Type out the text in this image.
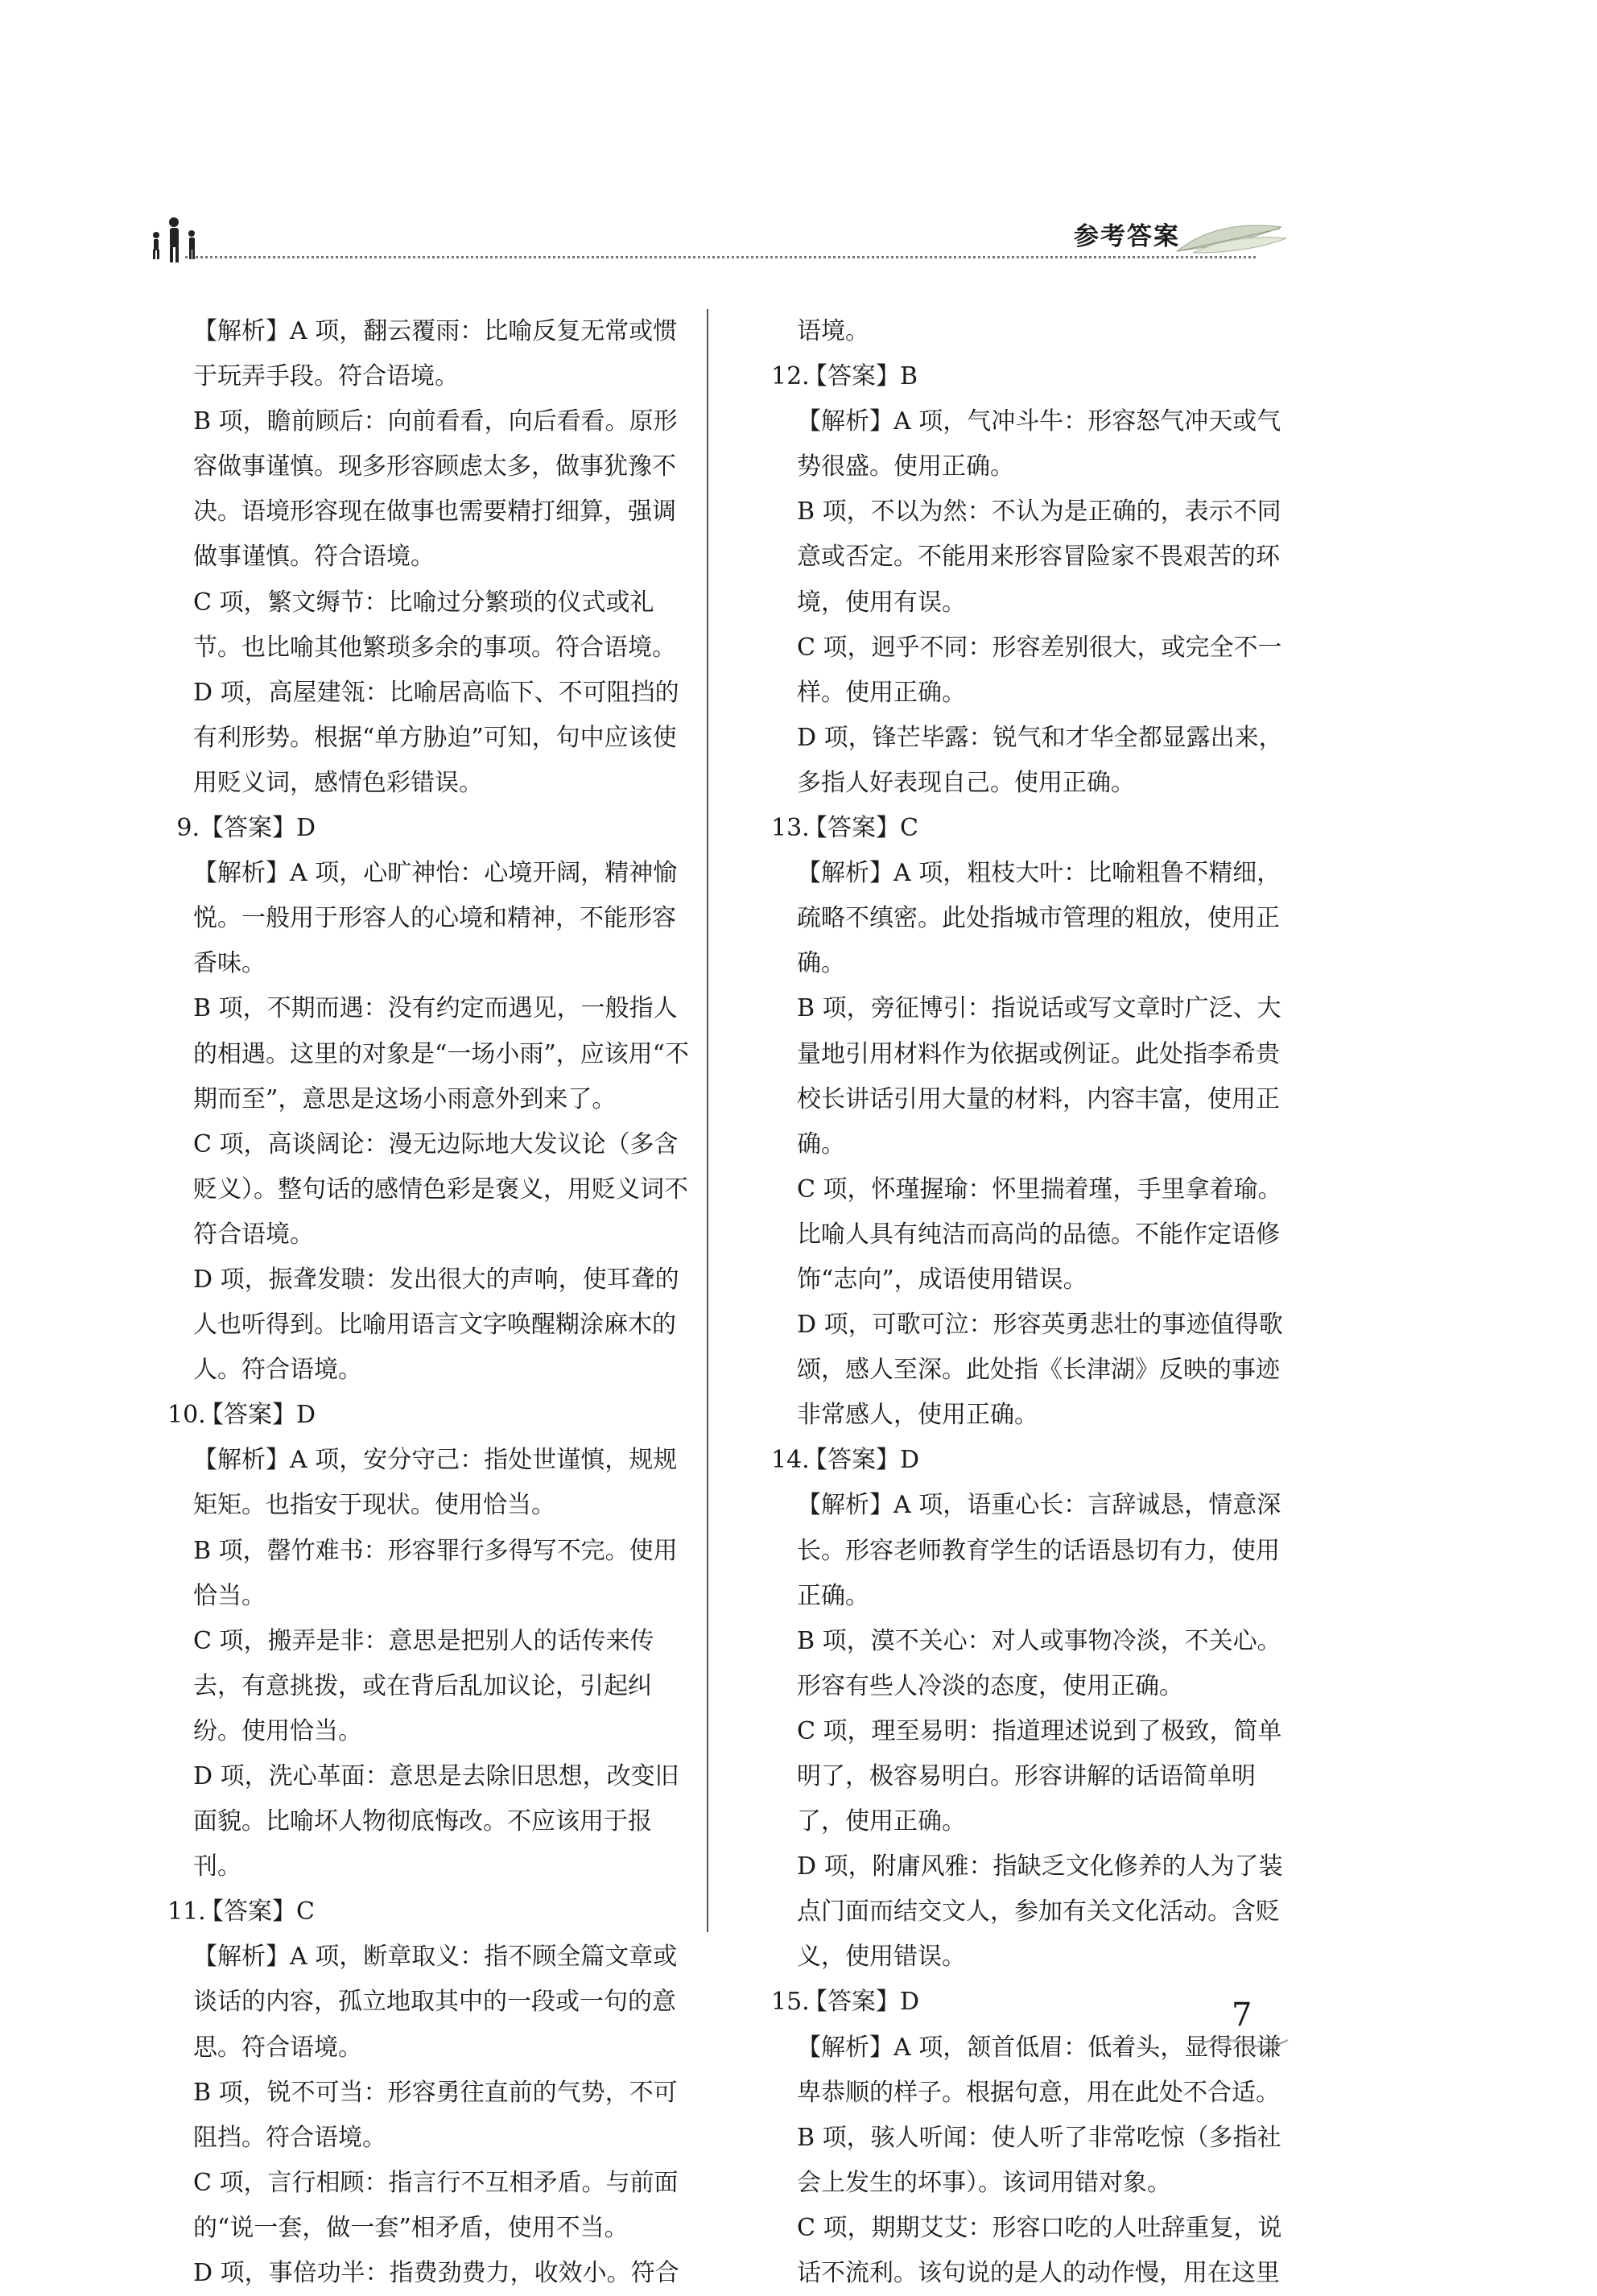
参考答案

【解析】A 项，翻云覆雨：比喻反复无常或惯于玩弄手段。符合语境。

B 项，瞻前顾后：向前看看，向后看看。原形容做事谨慎。现多形容顾虑太多，做事犹豫不决。语境形容现在做事也需要精打细算，强调做事谨慎。符合语境。

C 项，繁文缛节：比喻过分繁琐的仪式或礼节。也比喻其他繁琐多余的事项。符合语境。

D 项，高屋建瓴：比喻居高临下、不可阻挡的有利形势。根据“单方胁迫”可知，句中应该使用贬义词，感情色彩错误。

9.【答案】D

【解析】A 项，心旷神怡：心境开阔，精神愉悦。一般用于形容人的心境和精神，不能形容香味。

B 项，不期而遇：没有约定而遇见，一般指人的相遇。这里的对象是“一场小雨”，应该用“不期而至”，意思是这场小雨意外到来了。

C 项，高谈阔论：漫无边际地大发议论（多含贬义）。整句话的感情色彩是褒义，用贬义词不符合语境。

D 项，振聋发聩：发出很大的声响，使耳聋的人也听得到。比喻用语言文字唤醒糊涂麻木的人。符合语境。

10.【答案】D

【解析】A 项，安分守己：指处世谨慎，规规矩矩。也指安于现状。使用恰当。

B 项，罄竹难书：形容罪行多得写不完。使用恰当。

C 项，搬弄是非：意思是把别人的话传来传去，有意挑拨，或在背后乱加议论，引起纠纷。使用恰当。

D 项，洗心革面：意思是去除旧思想，改变旧面貌。比喻坏人物彻底悔改。不应该用于报刊。

11.【答案】C

【解析】A 项，断章取义：指不顾全篇文章或谈话的内容，孤立地取其中的一段或一句的意思。符合语境。

B 项，锐不可当：形容勇往直前的气势，不可阻挡。符合语境。

C 项，言行相顾：指言行不互相矛盾。与前面的“说一套，做一套”相矛盾，使用不当。

D 项，事倍功半：指费劲费力，收效小。符合

语境。

12.【答案】B

【解析】A 项，气冲斗牛：形容怒气冲天或气势很盛。使用正确。

B 项，不以为然：不认为是正确的，表示不同意或否定。不能用来形容冒险家不畏艰苦的环境，使用有误。

C 项，迥乎不同：形容差别很大，或完全不一样。使用正确。

D 项，锋芒毕露：锐气和才华全都显露出来，多指人好表现自己。使用正确。

13.【答案】C

【解析】A 项，粗枝大叶：比喻粗鲁不精细，疏略不缜密。此处指城市管理的粗放，使用正确。

B 项，旁征博引：指说话或写文章时广泛、大量地引用材料作为依据或例证。此处指李希贵校长讲话引用大量的材料，内容丰富，使用正确。

C 项，怀瑾握瑜：怀里揣着瑾，手里拿着瑜。比喻人具有纯洁而高尚的品德。不能作定语修饰“志向”，成语使用错误。

D 项，可歌可泣：形容英勇悲壮的事迹值得歌颂，感人至深。此处指《长津湖》反映的事迹非常感人，使用正确。

14.【答案】D

【解析】A 项，语重心长：言辞诚恳，情意深长。形容老师教育学生的话语恳切有力，使用正确。

B 项，漠不关心：对人或事物冷淡，不关心。形容有些人冷淡的态度，使用正确。

C 项，理至易明：指道理述说到了极致，简单明了，极容易明白。形容讲解的话语简单明了，使用正确。

D 项，附庸风雅：指缺乏文化修养的人为了装点门面而结交文人，参加有关文化活动。含贬义，使用错误。

15.【答案】D

【解析】A 项，颔首低眉：低着头，显得很谦卑恭顺的样子。根据句意，用在此处不合适。

B 项，骇人听闻：使人听了非常吃惊（多指社会上发生的坏事）。该词用错对象。

C 项，期期艾艾：形容口吃的人吐辞重复，说话不流利。该句说的是人的动作慢，用在这里

7
